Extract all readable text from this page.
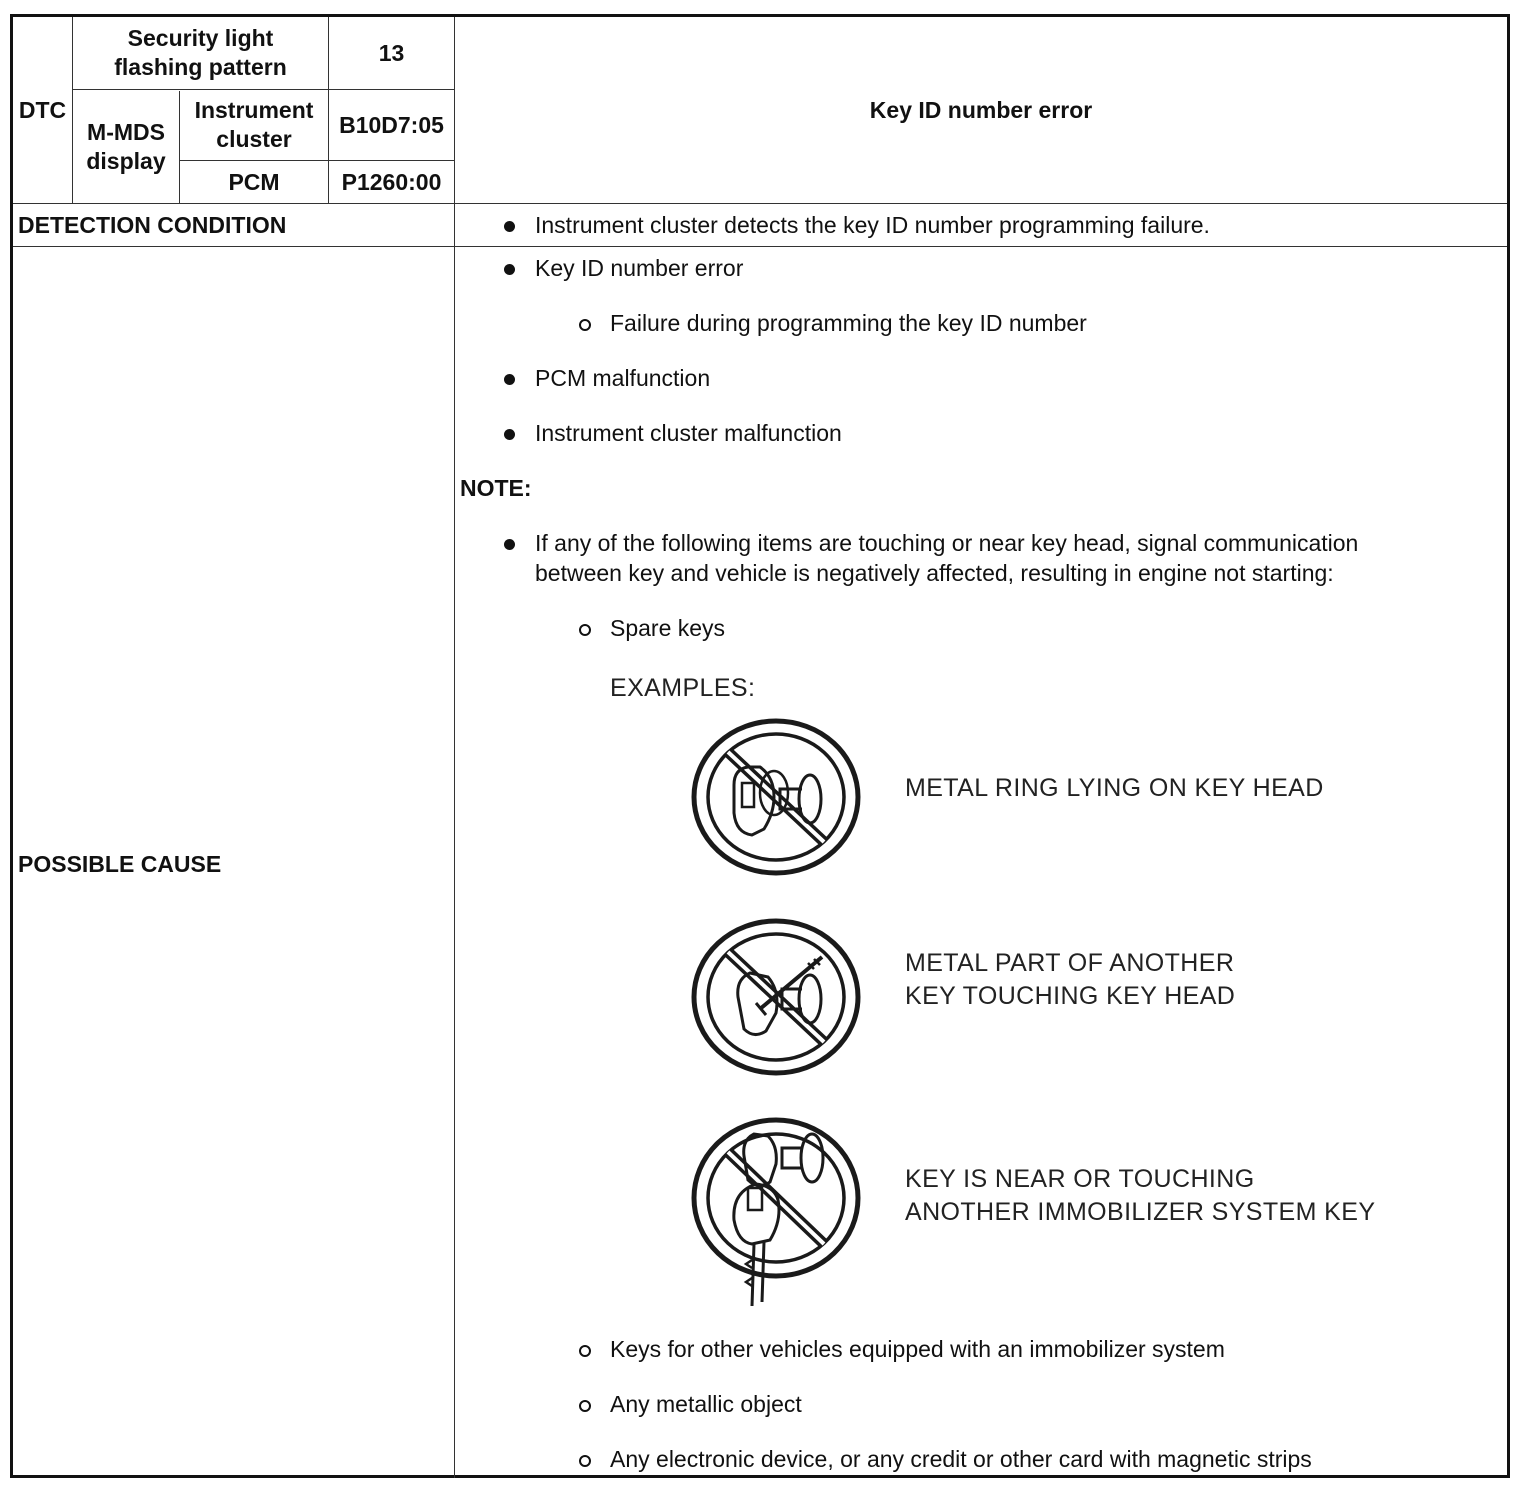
DTC
Security light flashing pattern
13
M-MDS display
Instrument cluster
B10D7:05
PCM	P1260:00
Key ID number error
DETECTION CONDITION	Instrument cluster detects the key ID number programming failure.
POSSIBLE CAUSE
Key ID number error
Failure during programming the key ID number
PCM malfunction
Instrument cluster malfunction
NOTE:
If any of the following items are touching or near key head, signal communication
between key and vehicle is negatively affected, resulting in engine not starting:
Spare keys
EXAMPLES:
METAL RING LYING ON KEY HEAD
METAL PART OF ANOTHER
KEY TOUCHING KEY HEAD
KEY IS NEAR OR TOUCHING
ANOTHER IMMOBILIZER SYSTEM KEY
Keys for other vehicles equipped with an immobilizer system
Any metallic object
Any electronic device, or any credit or other card with magnetic strips
